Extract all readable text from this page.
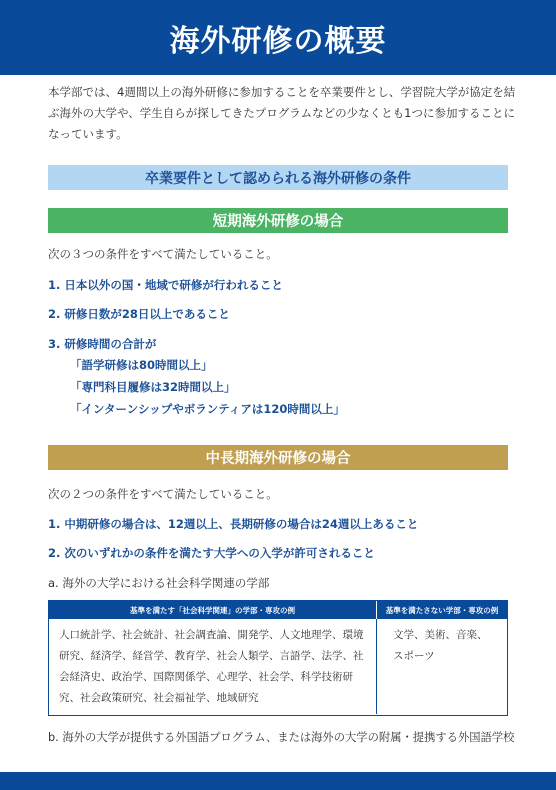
海外研修の概要
本学部では、4週間以上の海外研修に参加することを卒業要件とし、学習院大学が協定を結ぶ海外の大学や、学生自らが探してきたプログラムなどの少なくとも1つに参加することになっています。
卒業要件として認められる海外研修の条件
短期海外研修の場合
次の３つの条件をすべて満たしていること。
1. 日本以外の国・地域で研修が行われること
2. 研修日数が28日以上であること
3. 研修時間の合計が
「語学研修は80時間以上」
「専門科目履修は32時間以上」
「インターンシップやボランティアは120時間以上」
中長期海外研修の場合
次の２つの条件をすべて満たしていること。
1. 中期研修の場合は、12週以上、長期研修の場合は24週以上あること
2. 次のいずれかの条件を満たす大学への入学が許可されること
a. 海外の大学における社会科学関連の学部
基準を満たす「社会科学関連」の学部・専攻の例	基準を満たさない学部・専攻の例
人口統計学、社会統計、社会調査論、開発学、人文地理学、環境研究、経済学、経営学、教育学、社会人類学、言語学、法学、社会経済史、政治学、国際関係学、心理学、社会学、科学技術研究、社会政策研究、社会福祉学、地域研究
文学、美術、音楽、スポーツ
b. 海外の大学が提供する外国語プログラム、または海外の大学の附属・提携する外国語学校
